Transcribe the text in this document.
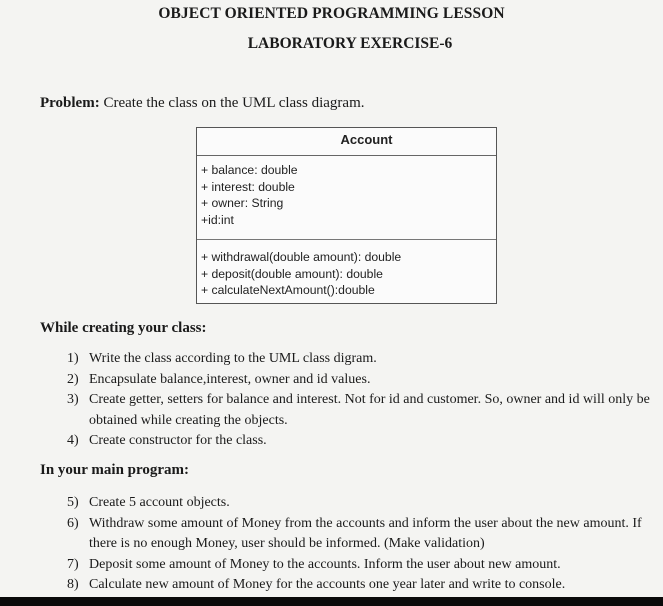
OBJECT ORIENTED PROGRAMMING LESSON
LABORATORY EXERCISE-6
Problem: Create the class on the UML class diagram.
Account
+ balance: double
+ interest: double
+ owner: String
+id:int
+ withdrawal(double amount): double
+ deposit(double amount): double
+ calculateNextAmount():double
While creating your class:
1) Write the class according to the UML class digram.
2) Encapsulate balance,interest, owner and id values.
3) Create getter, setters for balance and interest. Not for id and customer. So, owner and id will only be obtained while creating the objects.
4) Create constructor for the class.
In your main program:
5) Create 5 account objects.
6) Withdraw some amount of Money from the accounts and inform the user about the new amount. If there is no enough Money, user should be informed. (Make validation)
7) Deposit some amount of Money to the accounts. Inform the user about new amount.
8) Calculate new amount of Money for the accounts one year later and write to console.
